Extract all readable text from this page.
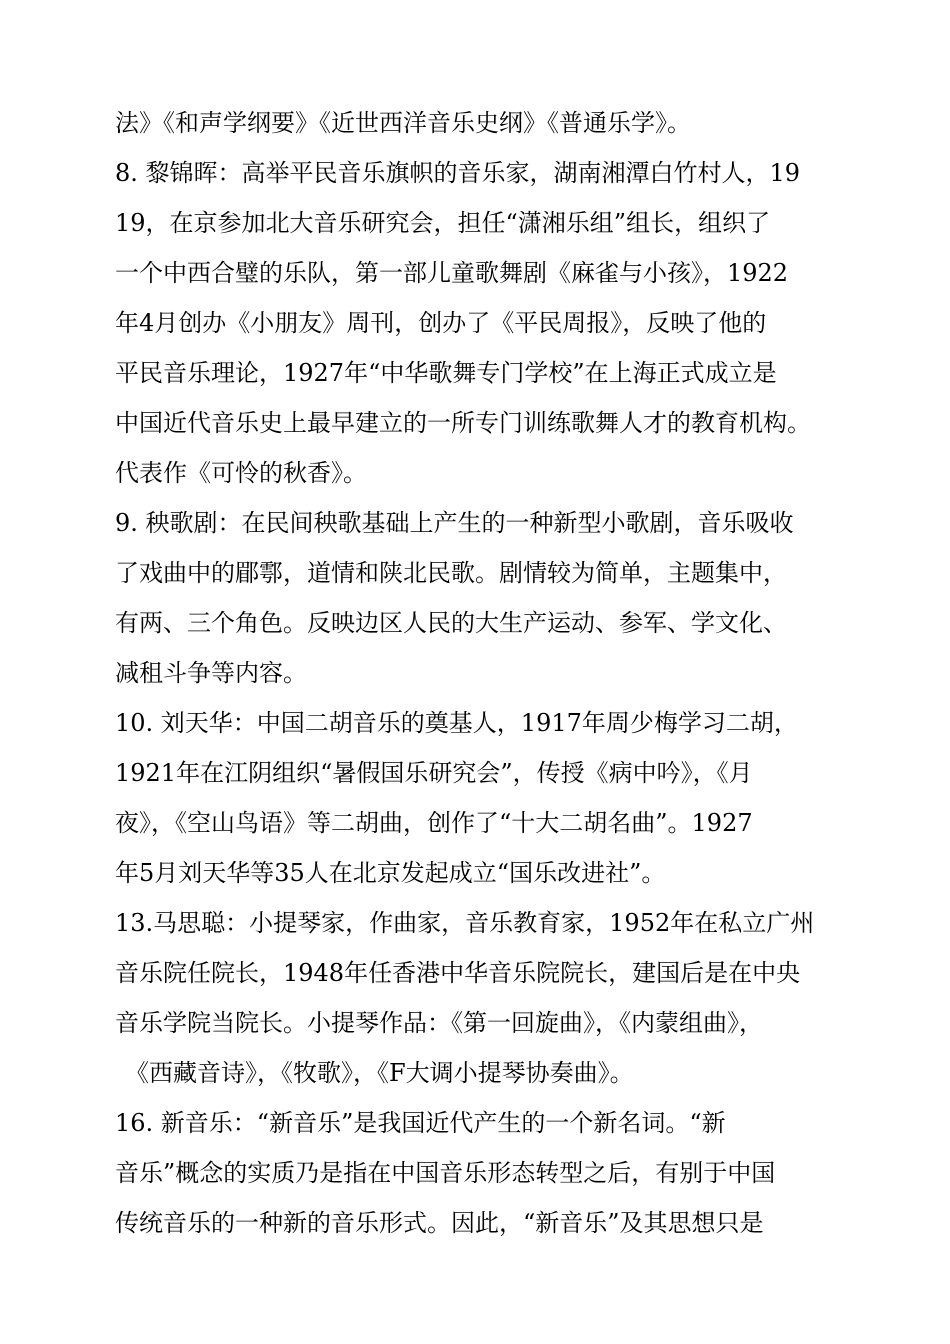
法》《和声学纲要》《近世西洋音乐史纲》《普通乐学》。
8. 黎锦晖：高举平民音乐旗帜的音乐家，湖南湘潭白竹村人，19
19，在京参加北大音乐研究会，担任“潇湘乐组”组长，组织了
一个中西合璧的乐队，第一部儿童歌舞剧《麻雀与小孩》，1922
年4月创办《小朋友》周刊，创办了《平民周报》，反映了他的
平民音乐理论，1927年“中华歌舞专门学校”在上海正式成立是
中国近代音乐史上最早建立的一所专门训练歌舞人才的教育机构。
代表作《可怜的秋香》。
9. 秧歌剧：在民间秧歌基础上产生的一种新型小歌剧，音乐吸收
了戏曲中的郿鄠，道情和陕北民歌。剧情较为简单，主题集中，
有两、三个角色。反映边区人民的大生产运动、参军、学文化、
减租斗争等内容。
10. 刘天华：中国二胡音乐的奠基人，1917年周少梅学习二胡，
1921年在江阴组织“暑假国乐研究会”，传授《病中吟》，《月
夜》，《空山鸟语》等二胡曲，创作了“十大二胡名曲”。1927
年5月刘天华等35人在北京发起成立“国乐改进社”。
13.马思聪：小提琴家，作曲家，音乐教育家，1952年在私立广州
音乐院任院长，1948年任香港中华音乐院院长，建国后是在中央
音乐学院当院长。小提琴作品：《第一回旋曲》，《内蒙组曲》，
《西藏音诗》，《牧歌》，《F大调小提琴协奏曲》。
16. 新音乐：“新音乐”是我国近代产生的一个新名词。“新
音乐”概念的实质乃是指在中国音乐形态转型之后，有别于中国
传统音乐的一种新的音乐形式。因此，“新音乐”及其思想只是
